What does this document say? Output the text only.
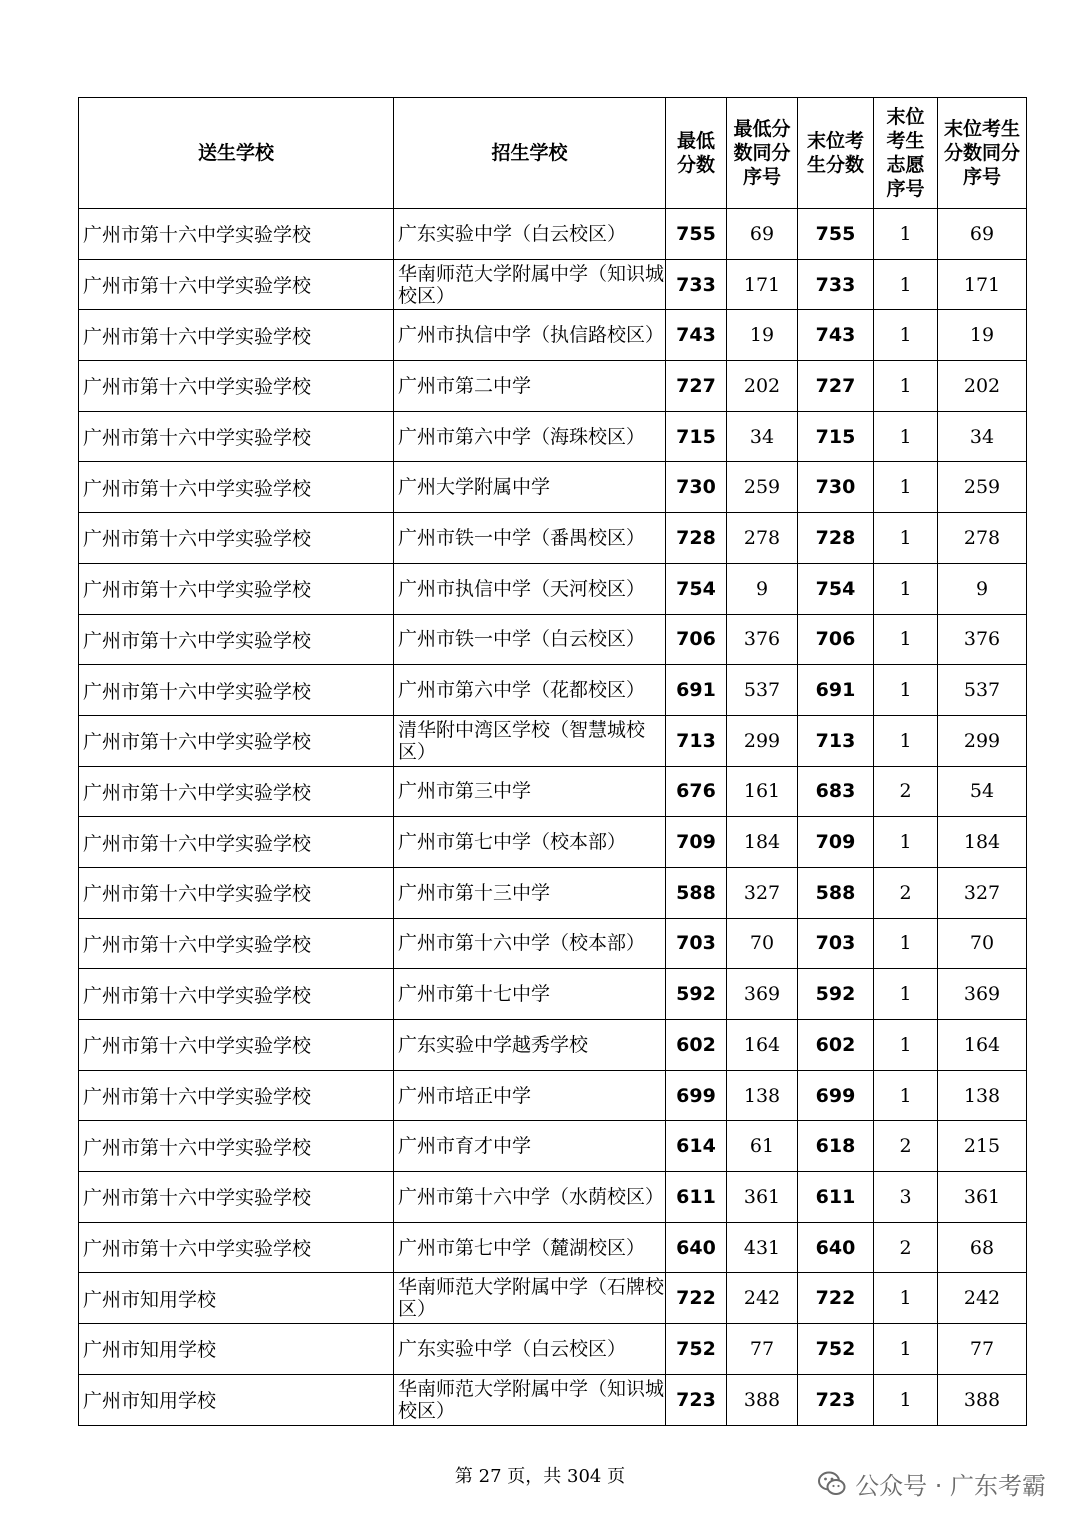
送生学校	招生学校	最低分数	最低分数同分序号	末位考生分数	末位考生志愿序号	末位考生分数同分序号
广州市第十六中学实验学校	广东实验中学（白云校区）	755	69	755	1	69
广州市第十六中学实验学校	华南师范大学附属中学（知识城校区）	733	171	733	1	171
广州市第十六中学实验学校	广州市执信中学（执信路校区）	743	19	743	1	19
广州市第十六中学实验学校	广州市第二中学	727	202	727	1	202
广州市第十六中学实验学校	广州市第六中学（海珠校区）	715	34	715	1	34
广州市第十六中学实验学校	广州大学附属中学	730	259	730	1	259
广州市第十六中学实验学校	广州市铁一中学（番禺校区）	728	278	728	1	278
广州市第十六中学实验学校	广州市执信中学（天河校区）	754	9	754	1	9
广州市第十六中学实验学校	广州市铁一中学（白云校区）	706	376	706	1	376
广州市第十六中学实验学校	广州市第六中学（花都校区）	691	537	691	1	537
广州市第十六中学实验学校	清华附中湾区学校（智慧城校区）	713	299	713	1	299
广州市第十六中学实验学校	广州市第三中学	676	161	683	2	54
广州市第十六中学实验学校	广州市第七中学（校本部）	709	184	709	1	184
广州市第十六中学实验学校	广州市第十三中学	588	327	588	2	327
广州市第十六中学实验学校	广州市第十六中学（校本部）	703	70	703	1	70
广州市第十六中学实验学校	广州市第十七中学	592	369	592	1	369
广州市第十六中学实验学校	广东实验中学越秀学校	602	164	602	1	164
广州市第十六中学实验学校	广州市培正中学	699	138	699	1	138
广州市第十六中学实验学校	广州市育才中学	614	61	618	2	215
广州市第十六中学实验学校	广州市第十六中学（水荫校区）	611	361	611	3	361
广州市第十六中学实验学校	广州市第七中学（麓湖校区）	640	431	640	2	68
广州市知用学校	华南师范大学附属中学（石牌校区）	722	242	722	1	242
广州市知用学校	广东实验中学（白云校区）	752	77	752	1	77
广州市知用学校	华南师范大学附属中学（知识城校区）	723	388	723	1	388
第 27 页，共 304 页	公众号 · 广东考霸
